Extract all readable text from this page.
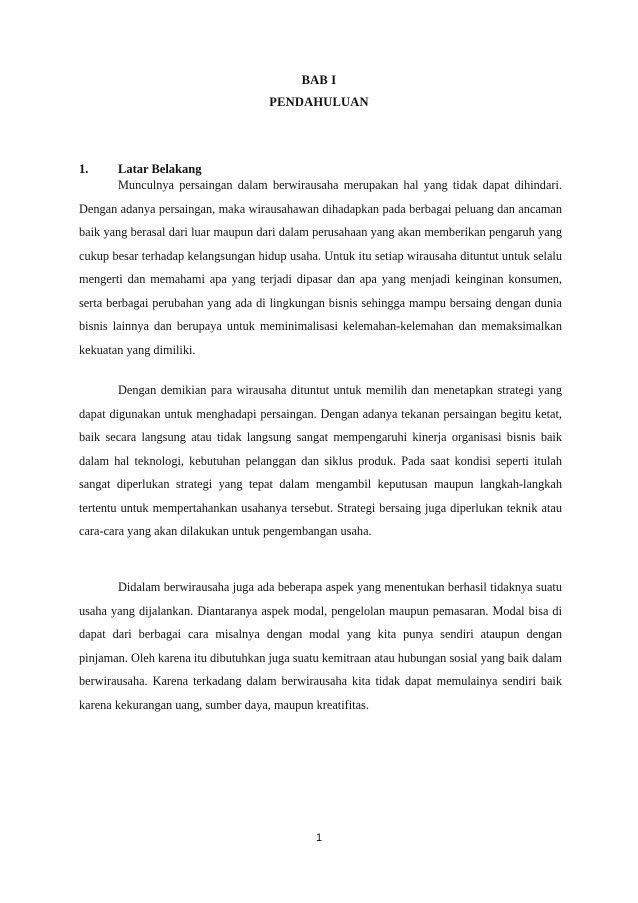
BAB I
PENDAHULUAN
1. Latar Belakang

Munculnya persaingan dalam berwirausaha merupakan hal yang tidak dapat dihindari. Dengan adanya persaingan, maka wirausahawan dihadapkan pada berbagai peluang dan ancaman baik yang berasal dari luar maupun dari dalam perusahaan yang akan memberikan pengaruh yang cukup besar terhadap kelangsungan hidup usaha. Untuk itu setiap wirausaha dituntut untuk selalu mengerti dan memahami apa yang terjadi dipasar dan apa yang menjadi keinginan konsumen, serta berbagai perubahan yang ada di lingkungan bisnis sehingga mampu bersaing dengan dunia bisnis lainnya dan berupaya untuk meminimalisasi kelemahan-kelemahan dan memaksimalkan kekuatan yang dimiliki.

Dengan demikian para wirausaha dituntut untuk memilih dan menetapkan strategi yang dapat digunakan untuk menghadapi persaingan. Dengan adanya tekanan persaingan begitu ketat, baik secara langsung atau tidak langsung sangat mempengaruhi kinerja organisasi bisnis baik dalam hal teknologi, kebutuhan pelanggan dan siklus produk. Pada saat kondisi seperti itulah sangat diperlukan strategi yang tepat dalam mengambil keputusan maupun langkah-langkah tertentu untuk mempertahankan usahanya tersebut. Strategi bersaing juga diperlukan teknik atau cara-cara yang akan dilakukan untuk pengembangan usaha.

Didalam berwirausaha juga ada beberapa aspek yang menentukan berhasil tidaknya suatu usaha yang dijalankan. Diantaranya aspek modal, pengelolan maupun pemasaran. Modal bisa di dapat dari berbagai cara misalnya dengan modal yang kita punya sendiri ataupun dengan pinjaman. Oleh karena itu dibutuhkan juga suatu kemitraan atau hubungan sosial yang baik dalam berwirausaha. Karena terkadang dalam berwirausaha kita tidak dapat memulainya sendiri baik karena kekurangan uang, sumber daya, maupun kreatifitas.

1
